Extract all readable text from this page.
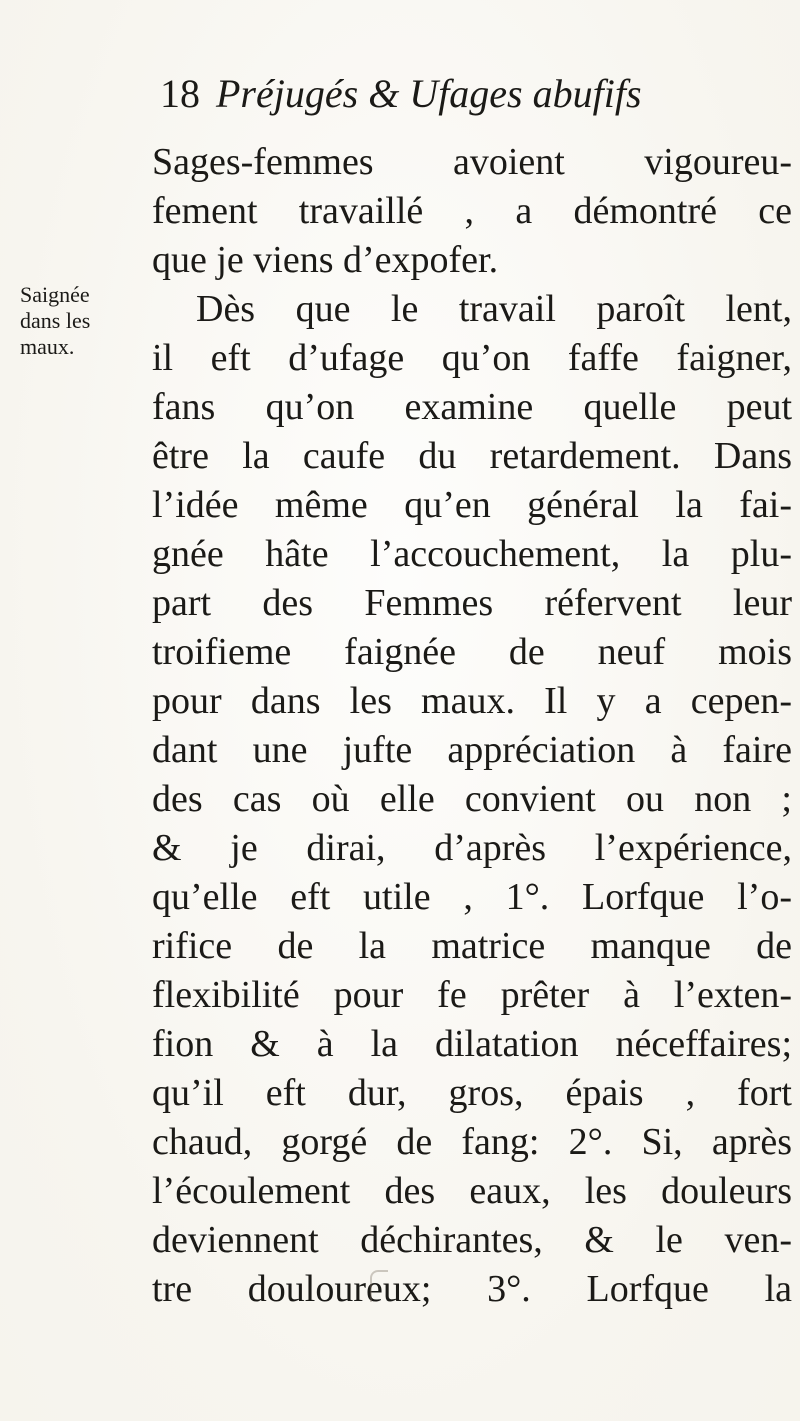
18 Préjugés & Ufages abufifs
Saignée
dans les
maux.
Sages-femmes avoient vigoureu-
fement travaillé , a démontré ce
que je viens d’expofer.
Dès que le travail paroît lent,
il eft d’ufage qu’on faffe faigner,
fans qu’on examine quelle peut
être la caufe du retardement. Dans
l’idée même qu’en général la fai-
gnée hâte l’accouchement, la plu-
part des Femmes réfervent leur
troifieme faignée de neuf mois
pour dans les maux. Il y a cepen-
dant une jufte appréciation à faire
des cas où elle convient ou non ;
& je dirai, d’après l’expérience,
qu’elle eft utile , 1°. Lorfque l’o-
rifice de la matrice manque de
flexibilité pour fe prêter à l’exten-
fion & à la dilatation néceffaires;
qu’il eft dur, gros, épais , fort
chaud, gorgé de fang: 2°. Si, après
l’écoulement des eaux, les douleurs
deviennent déchirantes, & le ven-
tre douloureux; 3°. Lorfque la
